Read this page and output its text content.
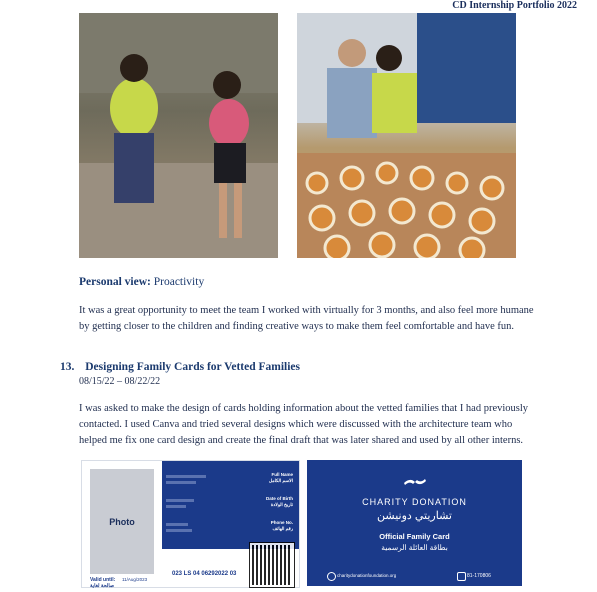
CD Internship Portfolio 2022
Personal view: Proactivity
It was a great opportunity to meet the team I worked with virtually for 3 months, and also feel more humane by getting closer to the children and finding creative ways to make them feel comfortable and have fun.
13. Designing Family Cards for Vetted Families
08/15/22 – 08/22/22
I was asked to make the design of cards holding information about the vetted families that I had previously contacted. I used Canva and tried several designs which were discussed with the architecture team who helped me fix one card design and create the final draft that was later shared and used by all other interns.
Photo
Full Name
الاسم الكامل
Date of Birth
تاريخ الولادة
Phone No.
رقم الهاتف
Valid until:
صالحة لغاية
11/Aug/2023
023 LS 04 06292022 03
CHARITY DONATION
تشاريتي دونيشن
Official Family Card
بطاقة العائلة الرسمية
charitydonationfoundation.org	81-170806
